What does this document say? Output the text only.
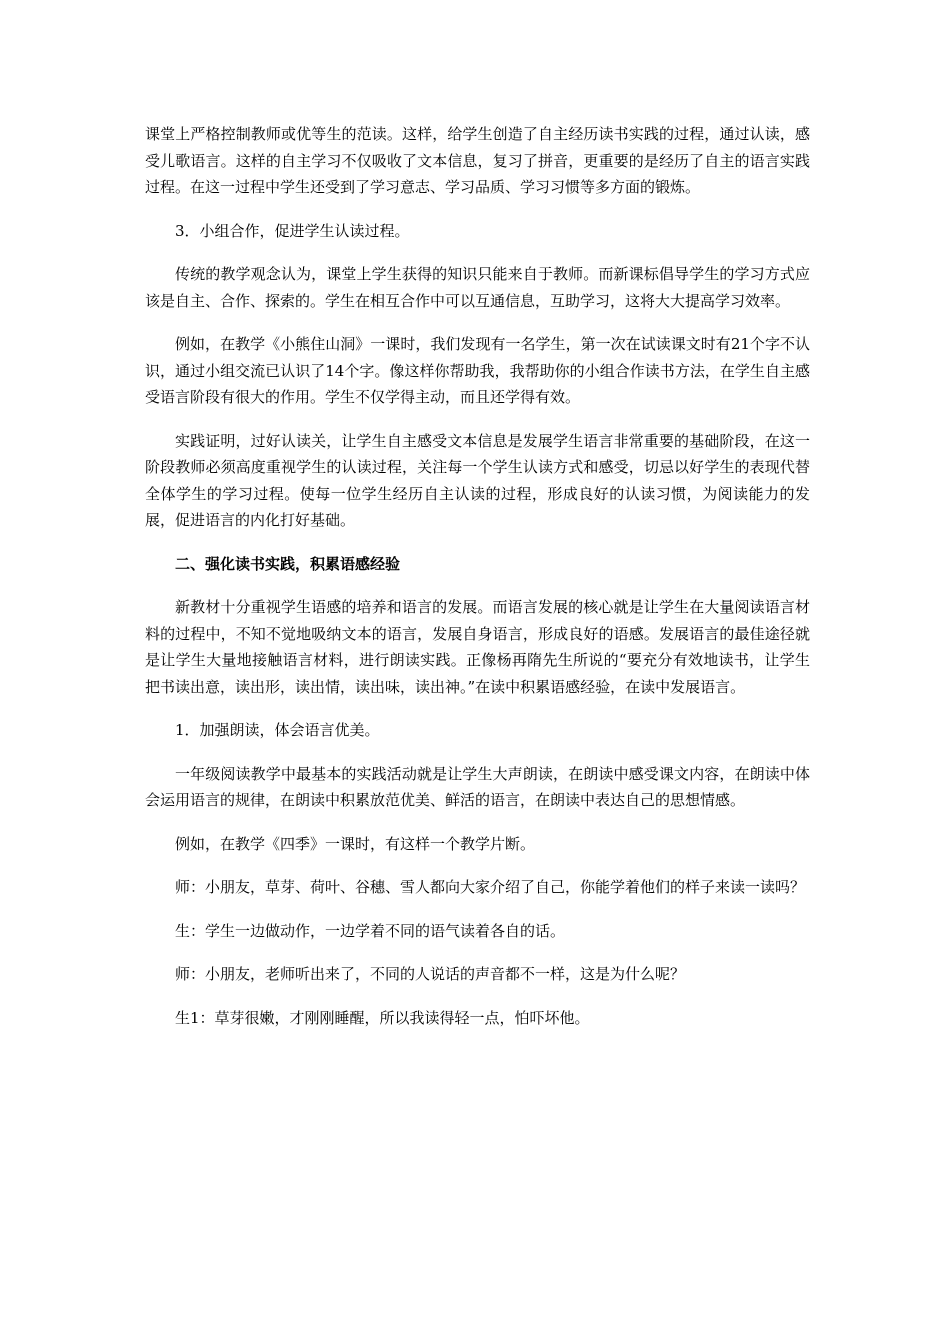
课堂上严格控制教师或优等生的范读。这样，给学生创造了自主经历读书实践的过程，通过认读，感受儿歌语言。这样的自主学习不仅吸收了文本信息，复习了拼音，更重要的是经历了自主的语言实践过程。在这一过程中学生还受到了学习意志、学习品质、学习习惯等多方面的锻炼。

3．小组合作，促进学生认读过程。

传统的教学观念认为，课堂上学生获得的知识只能来自于教师。而新课标倡导学生的学习方式应该是自主、合作、探索的。学生在相互合作中可以互通信息，互助学习，这将大大提高学习效率。

例如，在教学《小熊住山洞》一课时，我们发现有一名学生，第一次在试读课文时有21个字不认识，通过小组交流已认识了14个字。像这样你帮助我，我帮助你的小组合作读书方法，在学生自主感受语言阶段有很大的作用。学生不仅学得主动，而且还学得有效。

实践证明，过好认读关，让学生自主感受文本信息是发展学生语言非常重要的基础阶段，在这一阶段教师必须高度重视学生的认读过程，关注每一个学生认读方式和感受，切忌以好学生的表现代替全体学生的学习过程。使每一位学生经历自主认读的过程，形成良好的认读习惯，为阅读能力的发展，促进语言的内化打好基础。

二、强化读书实践，积累语感经验

新教材十分重视学生语感的培养和语言的发展。而语言发展的核心就是让学生在大量阅读语言材料的过程中，不知不觉地吸纳文本的语言，发展自身语言，形成良好的语感。发展语言的最佳途径就是让学生大量地接触语言材料，进行朗读实践。正像杨再隋先生所说的“要充分有效地读书，让学生把书读出意，读出形，读出情，读出味，读出神。”在读中积累语感经验，在读中发展语言。

1．加强朗读，体会语言优美。

一年级阅读教学中最基本的实践活动就是让学生大声朗读，在朗读中感受课文内容，在朗读中体会运用语言的规律，在朗读中积累放范优美、鲜活的语言，在朗读中表达自己的思想情感。

例如，在教学《四季》一课时，有这样一个教学片断。

师：小朋友，草芽、荷叶、谷穗、雪人都向大家介绍了自己，你能学着他们的样子来读一读吗？

生：学生一边做动作，一边学着不同的语气读着各自的话。

师：小朋友，老师听出来了，不同的人说话的声音都不一样，这是为什么呢？

生1：草芽很嫩，才刚刚睡醒，所以我读得轻一点，怕吓坏他。
